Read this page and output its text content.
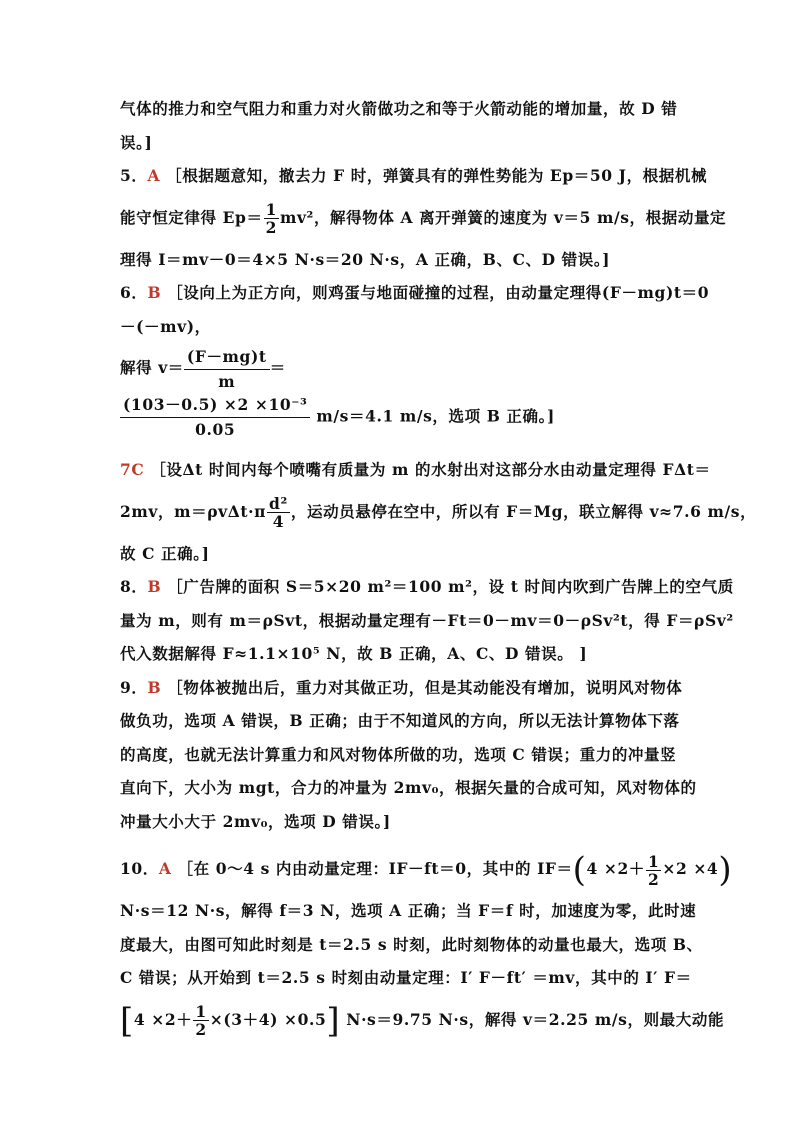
气体的推力和空气阻力和重力对火箭做功之和等于火箭动能的增加量，故 D 错
误。]
5．A ［根据题意知，撤去力 F 时，弹簧具有的弹性势能为 Ep＝50 J，根据机械
能守恒定律得 $Ep= \frac{1}{2} mv^2$，解得物体 A 离开弹簧的速度为 v＝5 m/s，根据动量定
理得 I＝mv－0＝4×5 N·s＝20 N·s，A 正确，B、C、D 错误。]
6．B ［设向上为正方向，则鸡蛋与地面碰撞的过程，由动量定理得(F－mg)t＝0
－(－mv)，
解得 $v= \frac{(F-mg)t}{m}$ ＝
$\frac{\text{(103－0.5) ×2 ×10⁻³}}{0.05} m/s=4.1$ m/s，选项 B 正确。]
7C ［设Δt 时间内每个喷嘴有质量为 m 的水射出对这部分水由动量定理得 FΔt＝
2mv，$m=\rho v\Delta t\cdot\pi \frac{\text{d²}}{4}$ ，运动员悬停在空中，所以有 F＝Mg，联立解得 v≈7.6 m/s，
故 C 正确。]
8．B ［广告牌的面积 S＝5×20 m²＝100 m²，设 t 时间内吹到广告牌上的空气质
量为 m，则有 m＝ρSvt，根据动量定理有－Ft＝0－mv＝0－ρSv²t，得 F＝ρSv²
代入数据解得 F≈1.1×10⁵ N，故 B 正确，A、C、D 错误。 ]
9．B ［物体被抛出后，重力对其做正功，但是其动能没有增加，说明风对物体
做负功，选项 A 错误，B 正确；由于不知道风的方向，所以无法计算物体下落
的高度，也就无法计算重力和风对物体所做的功，选项 C 错误；重力的冲量竖
直向下，大小为 mgt，合力的冲量为 2mv₀，根据矢量的合成可知，风对物体的
冲量大小大于 2mv₀，选项 D 错误。]
10．A ［在 0～4 s 内由动量定理：IF－ft＝0，其中的 $IF=(4 \times 2+ \frac{1}{2} \times 2 \times 4)$
N·s＝12 N·s，解得 f＝3 N，选项 A 正确；当 F＝f 时，加速度为零，此时速
度最大，由图可知此时刻是 t＝2.5 s 时刻，此时刻物体的动量也最大，选项 B、
C 错误；从开始到 t＝2.5 s 时刻由动量定理：I′ F－ft′ ＝mv，其中的 I′ F＝
$[4 \times 2+ \frac{1}{2} \times(3+4) \times 0.5]$ N·s＝9.75 N·s，解得 v＝2.25 m/s，则最大动能
